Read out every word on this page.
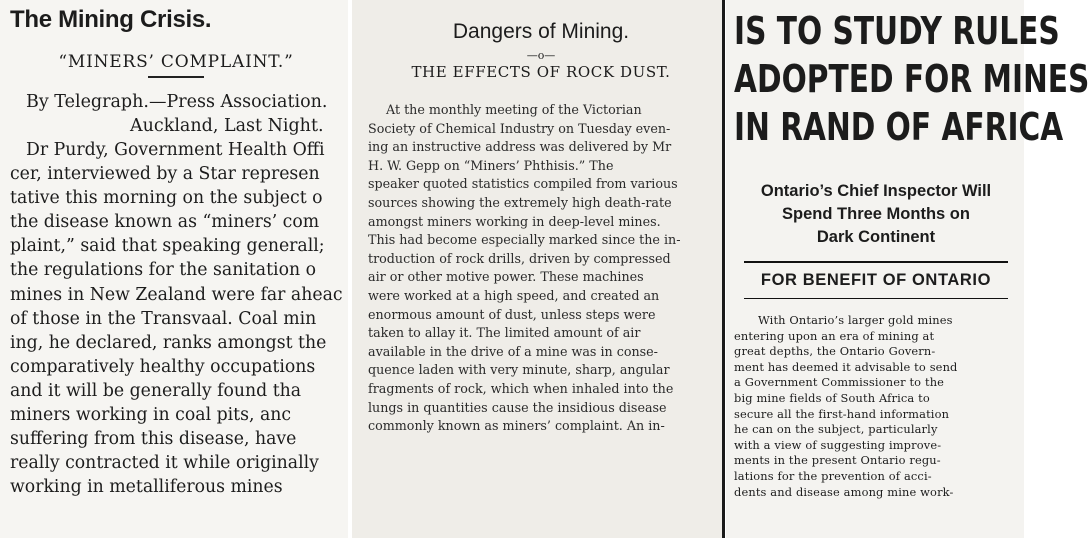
The Mining Crisis.
“MINERS’ COMPLAINT.”
By Telegraph.—Press Association.
Auckland, Last Night.
Dr Purdy, Government Health Offi
cer, interviewed by a Star represen
tative this morning on the subject o
the disease known as “miners’ com
plaint,” said that speaking generall;
the regulations for the sanitation o
mines in New Zealand were far aheac
of those in the Transvaal. Coal min
ing, he declared, ranks amongst the
comparatively healthy occupations
and it will be generally found tha
miners working in coal pits, anc
suffering from this disease, have
really contracted it while originally
working in metalliferous mines
Dangers of Mining.
—o—
THE EFFECTS OF ROCK DUST.
At the monthly meeting of the Victorian
Society of Chemical Industry on Tuesday even-
ing an instructive address was delivered by Mr
H. W. Gepp on “Miners’ Phthisis.” The
speaker quoted statistics compiled from various
sources showing the extremely high death-rate
amongst miners working in deep-level mines.
This had become especially marked since the in-
troduction of rock drills, driven by compressed
air or other motive power. These machines
were worked at a high speed, and created an
enormous amount of dust, unless steps were
taken to allay it. The limited amount of air
available in the drive of a mine was in conse-
quence laden with very minute, sharp, angular
fragments of rock, which when inhaled into the
lungs in quantities cause the insidious disease
commonly known as miners’ complaint. An in-
IS TO STUDY RULES
ADOPTED FOR MINES
IN RAND OF AFRICA
Ontario’s Chief Inspector Will
Spend Three Months on
Dark Continent
FOR BENEFIT OF ONTARIO
With Ontario’s larger gold mines
entering upon an era of mining at
great depths, the Ontario Govern-
ment has deemed it advisable to send
a Government Commissioner to the
big mine fields of South Africa to
secure all the first-hand information
he can on the subject, particularly
with a view of suggesting improve-
ments in the present Ontario regu-
lations for the prevention of acci-
dents and disease among mine work-
